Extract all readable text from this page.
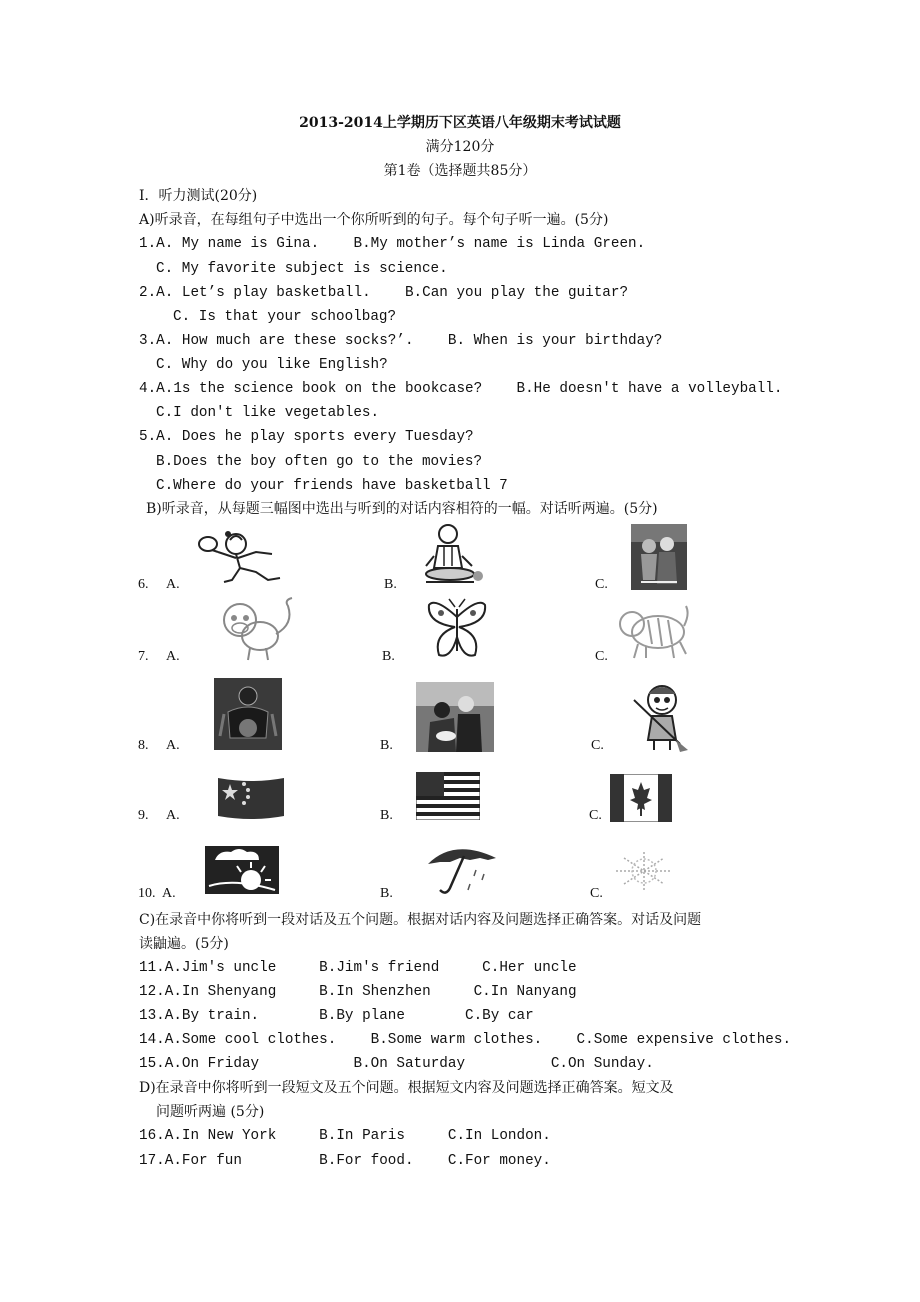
2013-2014上学期历下区英语八年级期末考试试题
满分120分
第1卷（选择题共85分）
I．听力测试(20分)
A)听录音，在每组句子中选出一个你所听到的句子。每个句子听一遍。(5分)
1.A. My name is Gina.    B.My mother’s name is Linda Green.
C. My favorite subject is science.
2.A. Let’s play basketball.    B.Can you play the guitar?
C. Is that your schoolbag?
3.A. How much are these socks?’.    B. When is your birthday?
C. Why do you like English?
4.A.1s the science book on the bookcase?    B.He doesn't have a volleyball.
C.I don't like vegetables.
5.A. Does he play sports every Tuesday?
B.Does the boy often go to the movies?
C.Where do your friends have basketball 7
B)听录音，从每题三幅图中选出与听到的对话内容相符的一幅。对话听两遍。(5分)
6. A.	B.	C.
7. A.	B.	C.
8. A.	B.	C.
9. A.	B.	C.
10. A.	B.	C.
C)在录音中你将听到一段对话及五个问题。根据对话内容及问题选择正确答案。对话及问题
读鼬遍。(5分)
11.A.Jim's uncle     B.Jim's friend     C.Her uncle
12.A.In Shenyang     B.In Shenzhen     C.In Nanyang
13.A.By train.       B.By plane       C.By car
14.A.Some cool clothes.    B.Some warm clothes.    C.Some expensive clothes.
15.A.On Friday           B.On Saturday          C.On Sunday.
D)在录音中你将听到一段短文及五个问题。根据短文内容及问题选择正确答案。短文及
问题听两遍 (5分)
16.A.In New York     B.In Paris     C.In London.
17.A.For fun         B.For food.    C.For money.
